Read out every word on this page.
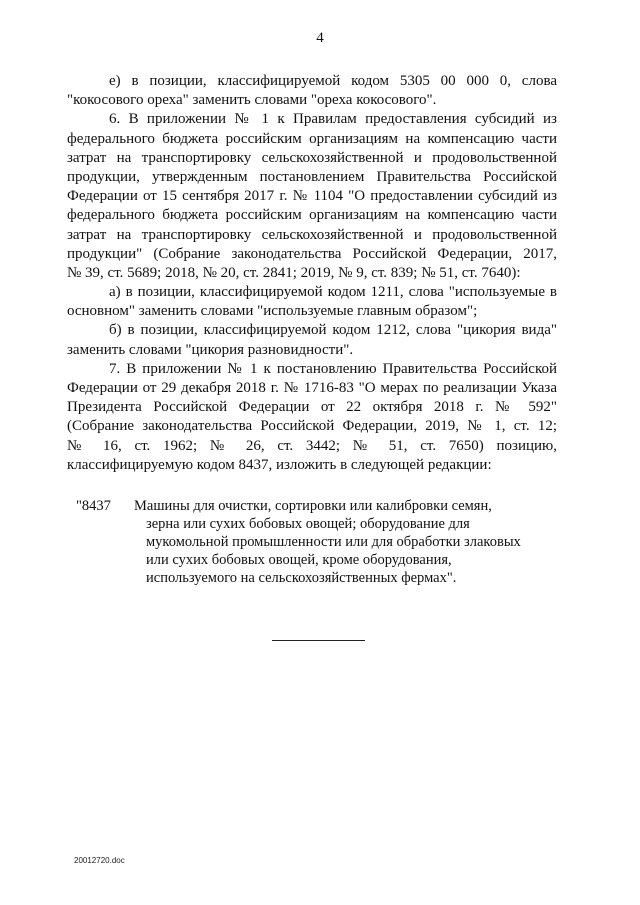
4
е) в позиции, классифицируемой кодом 5305 00 000 0, слова
"кокосового ореха" заменить словами "ореха кокосового".
6. В приложении № 1 к Правилам предоставления субсидий из
федерального бюджета российским организациям на компенсацию части
затрат на транспортировку сельскохозяйственной и продовольственной
продукции, утвержденным постановлением Правительства Российской
Федерации от 15 сентября 2017 г. № 1104 "О предоставлении субсидий из
федерального бюджета российским организациям на компенсацию части
затрат на транспортировку сельскохозяйственной и продовольственной
продукции" (Собрание законодательства Российской Федерации, 2017,
№ 39, ст. 5689; 2018, № 20, ст. 2841; 2019, № 9, ст. 839; № 51, ст. 7640):
а) в позиции, классифицируемой кодом 1211, слова "используемые в
основном" заменить словами "используемые главным образом";
б) в позиции, классифицируемой кодом 1212, слова "цикория вида"
заменить словами "цикория разновидности".
7. В приложении № 1 к постановлению Правительства Российской
Федерации от 29 декабря 2018 г. № 1716-83 "О мерах по реализации Указа
Президента Российской Федерации от 22 октября 2018 г. № 592"
(Собрание законодательства Российской Федерации, 2019, № 1, ст. 12;
№ 16, ст. 1962; № 26, ст. 3442; № 51, ст. 7650) позицию,
классифицируемую кодом 8437, изложить в следующей редакции:
"8437 Машины для очистки, сортировки или калибровки семян,
зерна или сухих бобовых овощей; оборудование для
мукомольной промышленности или для обработки злаковых
или сухих бобовых овощей, кроме оборудования,
используемого на сельскохозяйственных фермах".
20012720.doc
